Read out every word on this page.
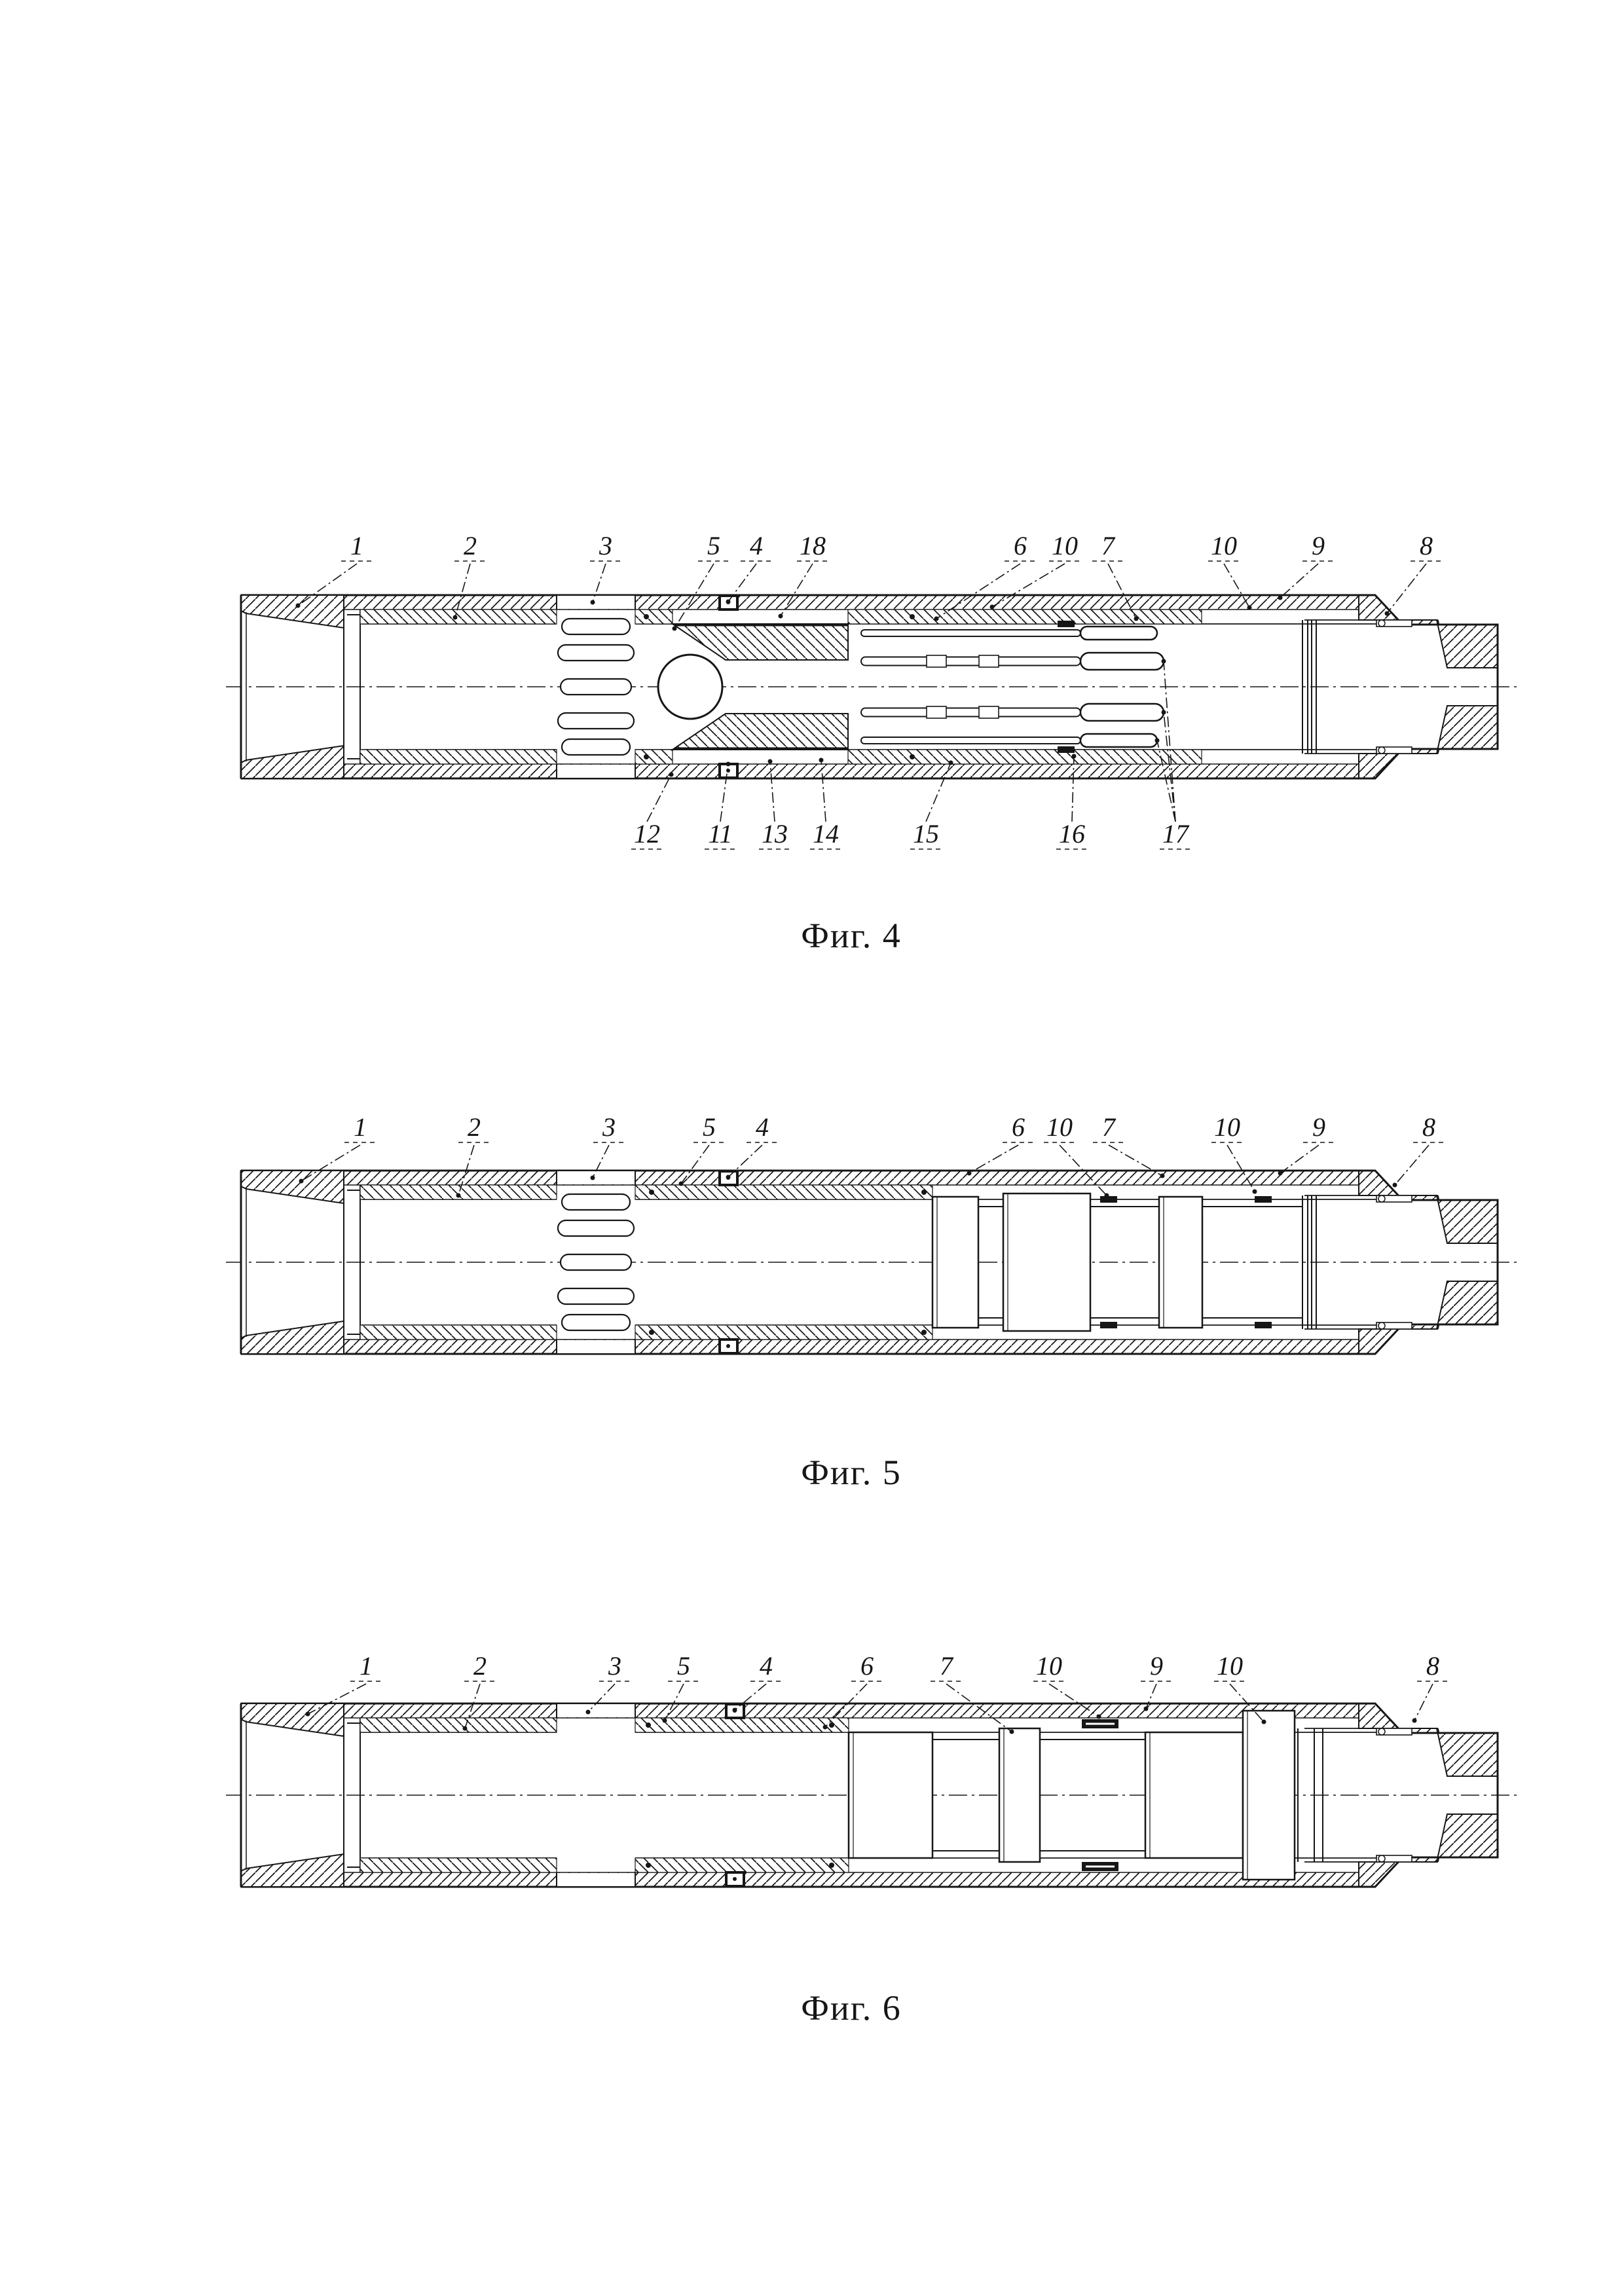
1	2	3	5 4 18	6 10 7	10	9	8
12 11 13 14	15	16	17
1	2	3	5 4	6 10 7	10	9	8
1	2	3 5	4	6	7	10	9 10	8
Фиг. 4
Фиг. 5
Фиг. 6
